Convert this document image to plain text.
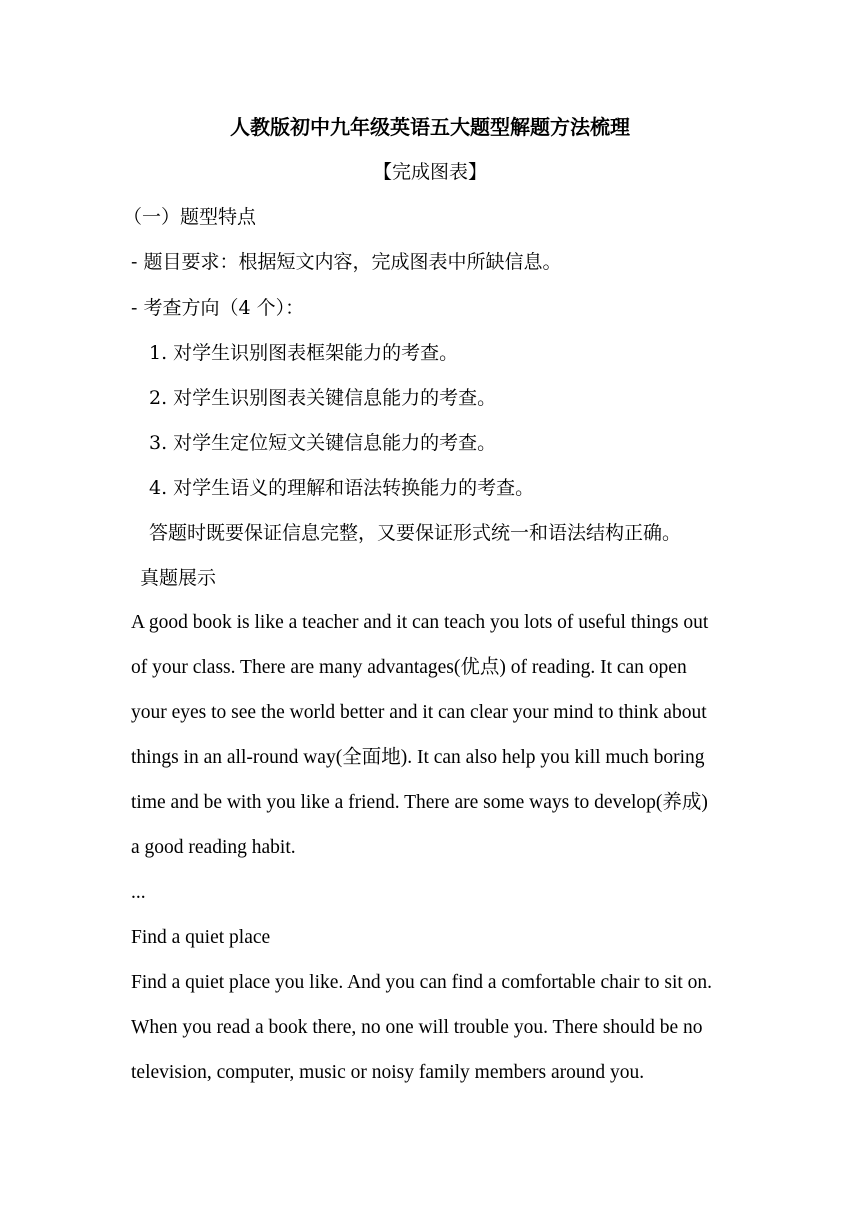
人教版初中九年级英语五大题型解题方法梳理
【完成图表】
（一）题型特点
- 题目要求：根据短文内容，完成图表中所缺信息。
- 考查方向（4 个）：
1. 对学生识别图表框架能力的考查。
2. 对学生识别图表关键信息能力的考查。
3. 对学生定位短文关键信息能力的考查。
4. 对学生语义的理解和语法转换能力的考查。
答题时既要保证信息完整，又要保证形式统一和语法结构正确。
真题展示
A good book is like a teacher and it can teach you lots of useful things out
of your class. There are many advantages(优点) of reading. It can open
your eyes to see the world better and it can clear your mind to think about
things in an all-round way(全面地). It can also help you kill much boring
time and be with you like a friend. There are some ways to develop(养成)
a good reading habit.
...
Find a quiet place
Find a quiet place you like. And you can find a comfortable chair to sit on.
When you read a book there, no one will trouble you. There should be no
television, computer, music or noisy family members around you.
